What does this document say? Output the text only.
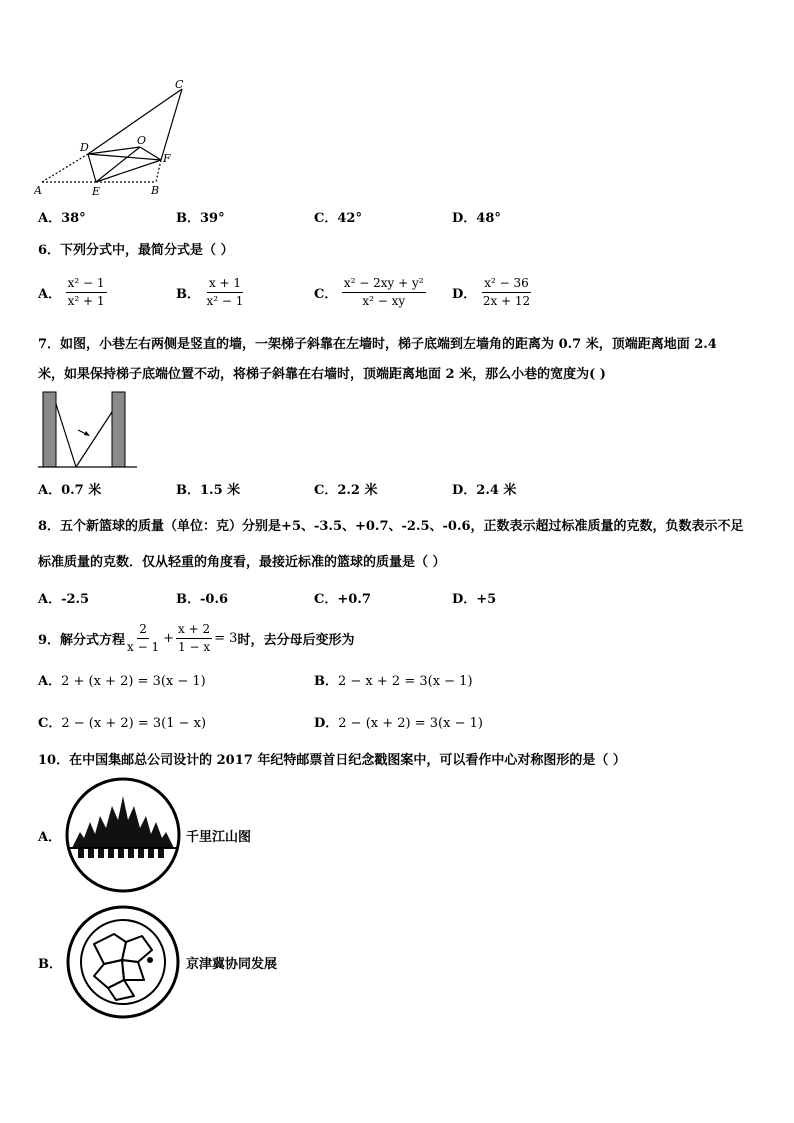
A	E	B
D
O
F
C
A．38°	B．39°	C．42°	D．48°
6．下列分式中，最简分式是（ ）
A． $\frac{\text{x² − 1}}{\text{x² + 1}}$	B． $\frac{x + 1}{\text{x² − 1}}$	C． $\frac{\text{x² − 2xy + y²}}{\text{x² − xy}}$ D． $\frac{\text{x² − 36}}{2x + 12}$
7．如图，小巷左右两侧是竖直的墙，一架梯子斜靠在左墙时，梯子底端到左墙角的距离为 0.7 米，顶端距离地面 2.4
米，如果保持梯子底端位置不动，将梯子斜靠在右墙时，顶端距离地面 2 米，那么小巷的宽度为( )
A．0.7 米	B．1.5 米	C．2.2 米	D．2.4 米
8．五个新篮球的质量（单位：克）分别是+5、-3.5、+0.7、-2.5、-0.6，正数表示超过标准质量的克数，负数表示不足
标准质量的克数．仅从轻重的角度看，最接近标准的篮球的质量是（ ）
A．-2.5	B．-0.6	C．+0.7	D．+5
9．解分式方程 $\frac{2}{x - 1} + \frac{x + 2}{1 - x} = 3$ 时，去分母后变形为
A．2 + (x + 2) = 3(x − 1)	B．2 − x + 2 = 3(x − 1)
C．2 − (x + 2) = 3(1 − x)	D．2 − (x + 2) = 3(x − 1)
10．在中国集邮总公司设计的 2017 年纪特邮票首日纪念戳图案中，可以看作中心对称图形的是（ ）
A．	千里江山图
B．	京津冀协同发展
